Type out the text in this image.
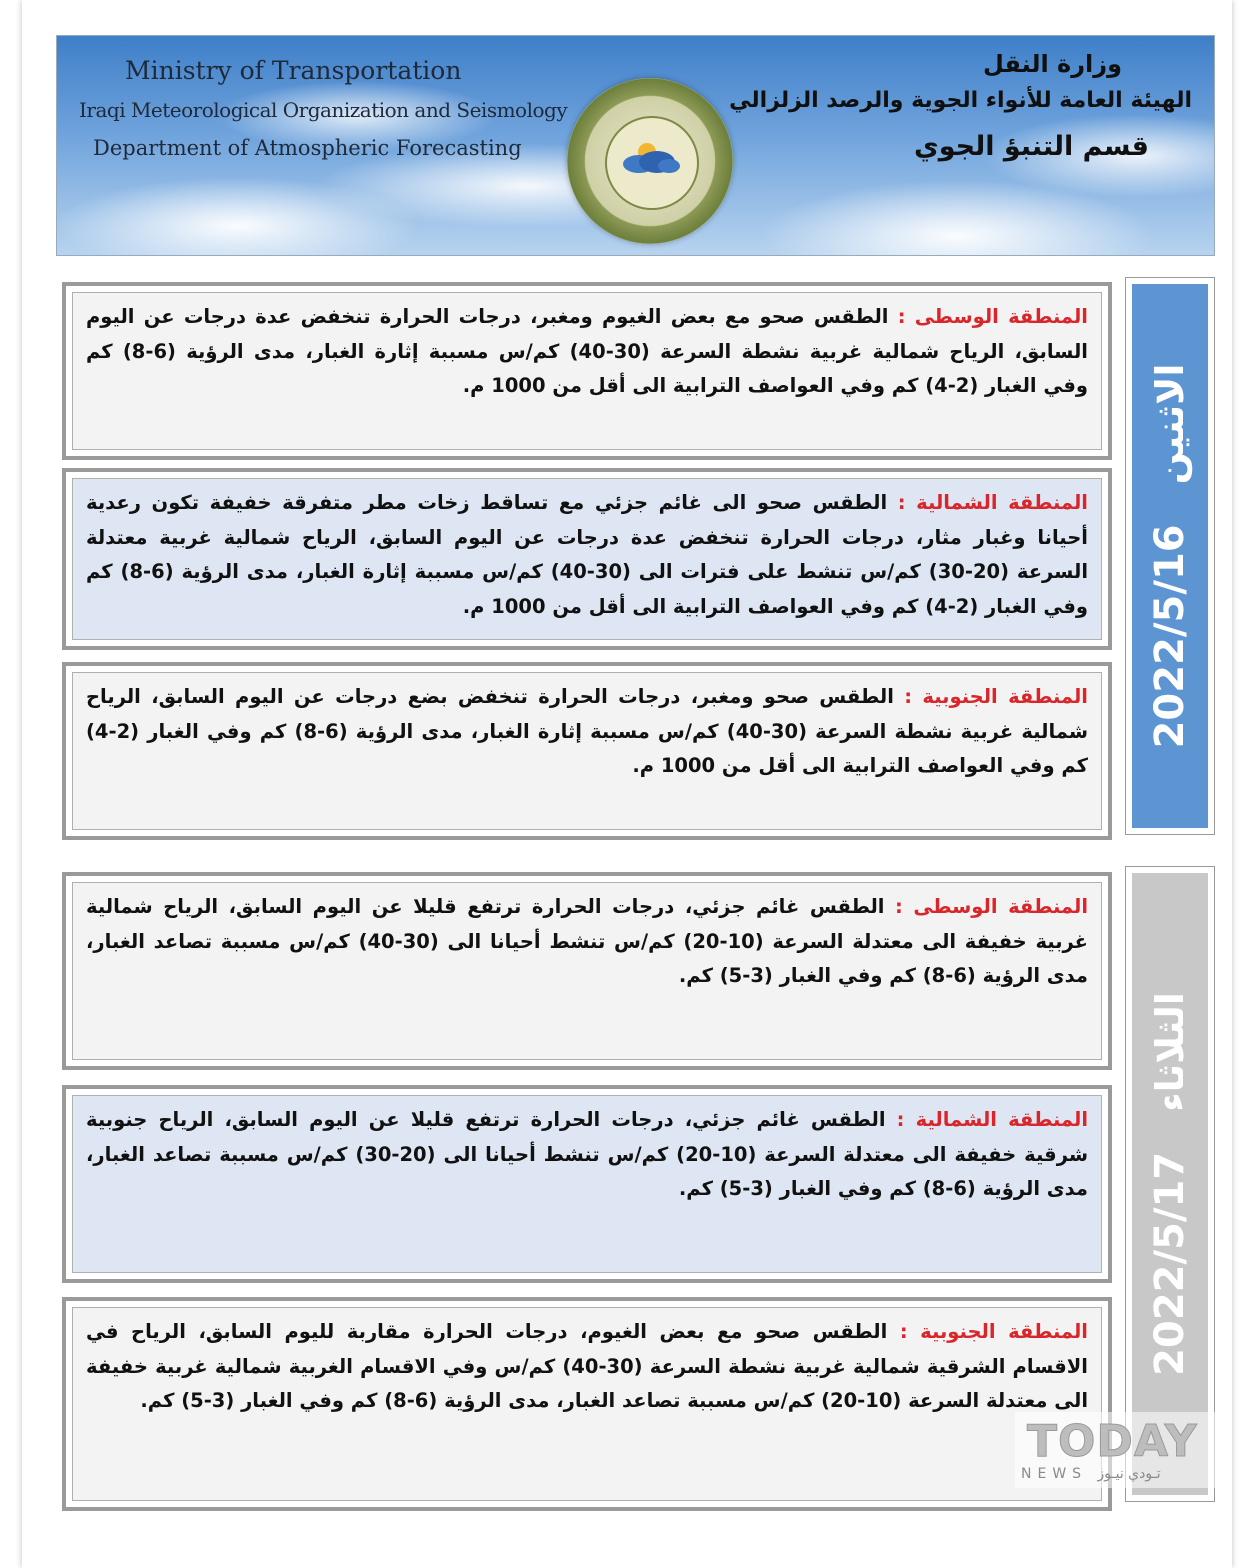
Ministry of Transportation
Iraqi Meteorological Organization and Seismology
Department of Atmospheric Forecasting
وزارة النقل
الهيئة العامة للأنواء الجوية والرصد الزلزالي
قسم التنبؤ الجوي
2022/5/16الاثنين

المنطقة الوسطى : الطقس صحو مع بعض الغيوم ومغبر، درجات الحرارة تنخفض عدة درجات عن اليوم السابق، الرياح شمالية غربية نشطة السرعة (30-40) كم/س مسببة إثارة الغبار، مدى الرؤية (6-8) كم وفي الغبار (2-4) كم وفي العواصف الترابية الى أقل من 1000 م.

المنطقة الشمالية : الطقس صحو الى غائم جزئي مع تساقط زخات مطر متفرقة خفيفة تكون رعدية أحيانا وغبار مثار، درجات الحرارة تنخفض عدة درجات عن اليوم السابق، الرياح شمالية غربية معتدلة السرعة (20-30) كم/س تنشط على فترات الى (30-40) كم/س مسببة إثارة الغبار، مدى الرؤية (6-8) كم وفي الغبار (2-4) كم وفي العواصف الترابية الى أقل من 1000 م.

المنطقة الجنوبية : الطقس صحو ومغبر، درجات الحرارة تنخفض بضع درجات عن اليوم السابق، الرياح شمالية غربية نشطة السرعة (30-40) كم/س مسببة إثارة الغبار، مدى الرؤية (6-8) كم وفي الغبار (2-4) كم وفي العواصف الترابية الى أقل من 1000 م.

2022/5/17الثلاثاء

المنطقة الوسطى : الطقس غائم جزئي، درجات الحرارة ترتفع قليلا عن اليوم السابق، الرياح شمالية غربية خفيفة الى معتدلة السرعة (10-20) كم/س تنشط أحيانا الى (30-40) كم/س مسببة تصاعد الغبار، مدى الرؤية (6-8) كم وفي الغبار (3-5) كم.

المنطقة الشمالية : الطقس غائم جزئي، درجات الحرارة ترتفع قليلا عن اليوم السابق، الرياح جنوبية شرقية خفيفة الى معتدلة السرعة (10-20) كم/س تنشط أحيانا الى (20-30) كم/س مسببة تصاعد الغبار، مدى الرؤية (6-8) كم وفي الغبار (3-5) كم.

المنطقة الجنوبية : الطقس صحو مع بعض الغيوم، درجات الحرارة مقاربة لليوم السابق، الرياح في الاقسام الشرقية شمالية غربية نشطة السرعة (30-40) كم/س وفي الاقسام الغربية شمالية غربية خفيفة الى معتدلة السرعة (10-20) كم/س مسببة تصاعد الغبار، مدى الرؤية (6-8) كم وفي الغبار (3-5) كم.

TODAY
NEWS تـودي نيـوز
